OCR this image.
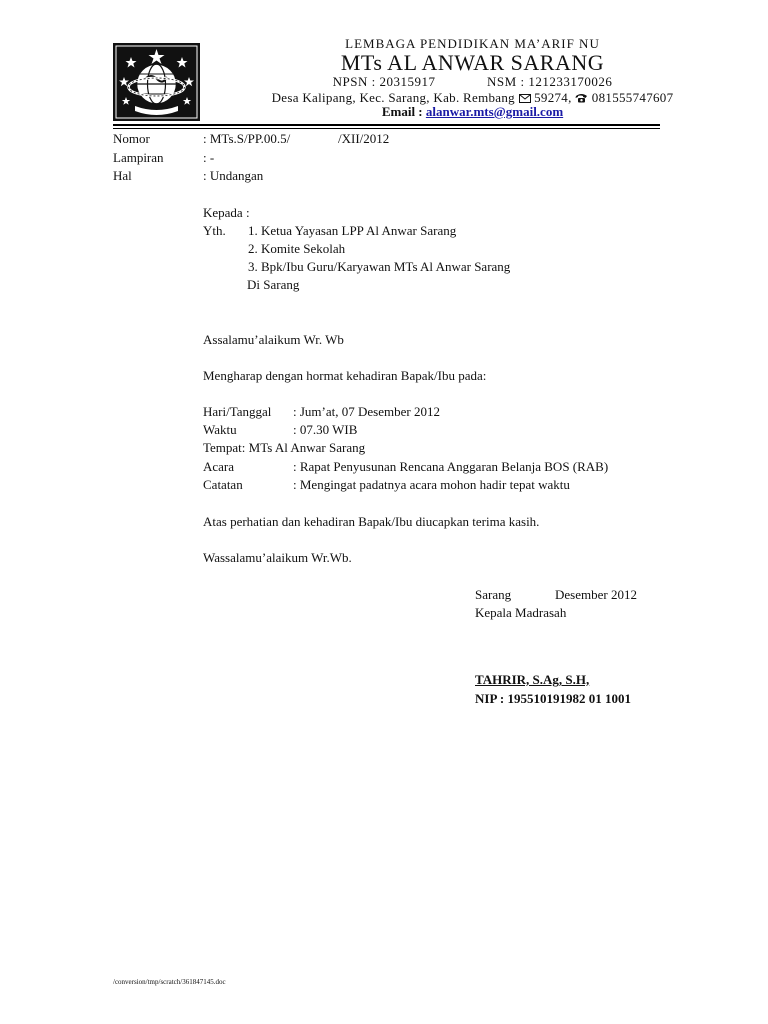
LEMBAGA PENDIDIKAN MA’ARIF NU
MTs AL ANWAR SARANG
NPSN : 20315917	NSM : 121233170026
Desa Kalipang, Kec. Sarang, Kab. Rembang 59274, 081555747607
Email : alanwar.mts@gmail.com
Nomor	: MTs.S/PP.00.5/	/XII/2012
Lampiran	: -
Hal	: Undangan
Kepada :
Yth. 1. Ketua Yayasan LPP Al Anwar Sarang
2. Komite Sekolah
3. Bpk/Ibu Guru/Karyawan MTs Al Anwar Sarang
Di Sarang
Assalamu’alaikum Wr. Wb
Mengharap dengan hormat kehadiran Bapak/Ibu pada:
Hari/Tanggal : Jum’at, 07 Desember 2012
Waktu	: 07.30 WIB
Tempat: MTs Al Anwar Sarang
Acara	: Rapat Penyusunan Rencana Anggaran Belanja BOS (RAB)
Catatan	: Mengingat padatnya acara mohon hadir tepat waktu
Atas perhatian dan kehadiran Bapak/Ibu diucapkan terima kasih.
Wassalamu’alaikum Wr.Wb.
Sarang	Desember 2012
Kepala Madrasah
TAHRIR, S.Ag, S.H,
NIP : 195510191982 01 1001
/conversion/tmp/scratch/361847145.doc
